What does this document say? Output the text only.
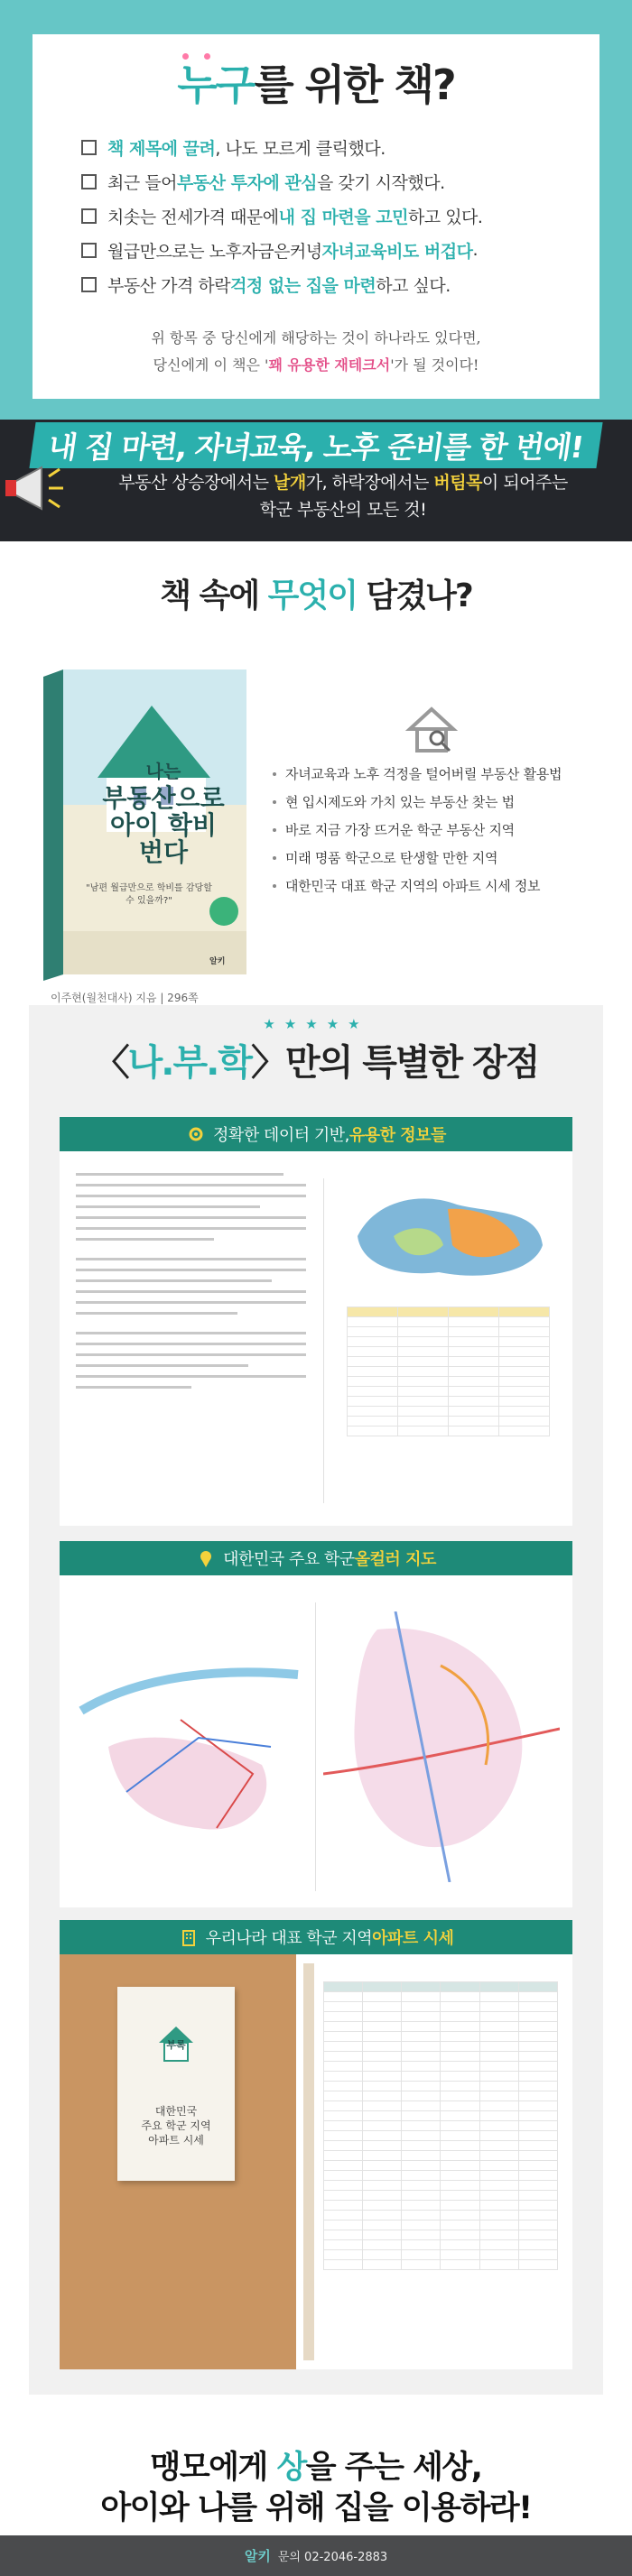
누구를 위한 책?
책 제목에 끌려 , 나도 모르게 클릭했다.
최근 들어 부동산 투자에 관심 을 갖기 시작했다.
치솟는 전세가격 때문에 내 집 마련을 고민 하고 있다.
월급만으로는 노후자금은커녕 자녀교육비도 버겁다 .
부동산 가격 하락 걱정 없는 집을 마련 하고 싶다.
위 항목 중 당신에게 해당하는 것이 하나라도 있다면,
당신에게 이 책은 '꽤 유용한 재테크서'가 될 것이다!
내 집 마련, 자녀교육, 노후 준비를 한 번에!
부동산 상승장에서는 날개가, 하락장에서는 버팀목이 되어주는
학군 부동산의 모든 것!
책 속에 무엇이 담겼나?
나는
부동산으로
아이 학비
번다
"남편 월급만으로 학비를 감당할 수 있을까?"
알키
이주현(월천대사) 지음 | 296쪽
자녀교육과 노후 걱정을 털어버릴 부동산 활용법
현 입시제도와 가치 있는 부동산 찾는 법
바로 지금 가장 뜨거운 학군 부동산 지역
미래 명품 학군으로 탄생할 만한 지역
대한민국 대표 학군 지역의 아파트 시세 정보
★★★★★
〈나.부.학〉만의 특별한 장점
정확한 데이터 기반, 유용한 정보들

대한민국 주요 학군 올컬러 지도
우리나라 대표 학군 지역 아파트 시세
부록
대한민국
주요 학군 지역
아파트 시세

맹모에게 상을 주는 세상,
아이와 나를 위해 집을 이용하라!
알키 문의 02-2046-2883
